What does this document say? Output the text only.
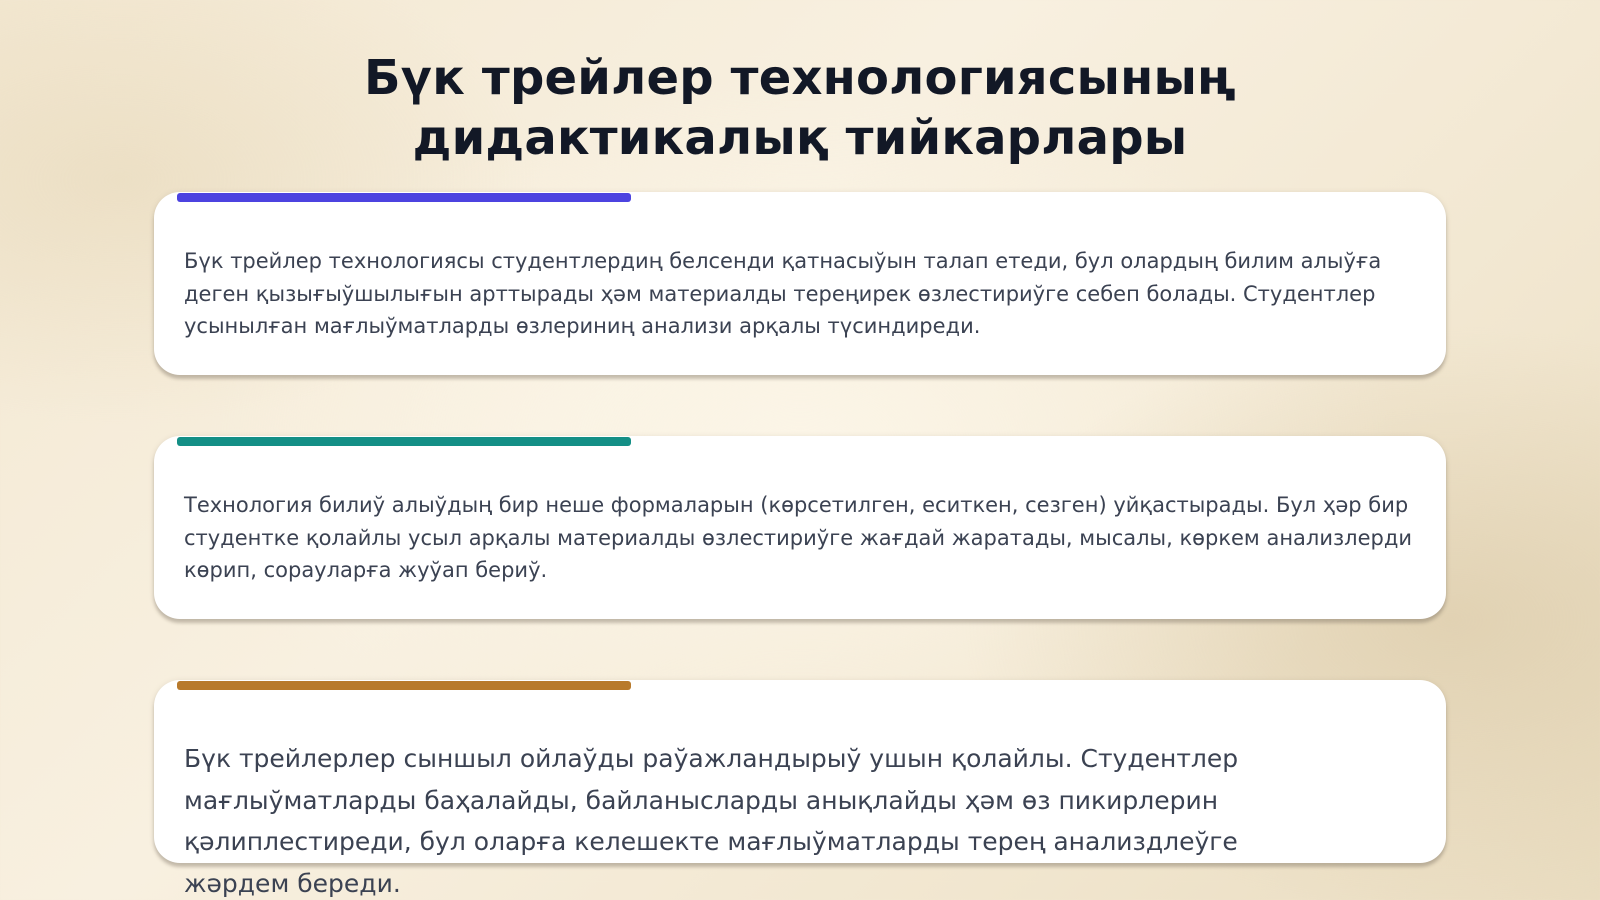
Бүк трейлер технологиясының дидактикалық тийкарлары

Бүк трейлер технологиясы студентлердиң белсенди қатнасыўын талап етеди, бул олардың билим алыўға деген қызығыўшылығын арттырады ҳәм материалды тереңирек өзлестириўге себеп болады. Студентлер усынылған мағлыўматларды өзлериниң анализи арқалы түсиндиреди.

Технология билиў алыўдың бир неше формаларын (көрсетилген, еситкен, сезген) уйқастырады. Бул ҳәр бир студентке қолайлы усыл арқалы материалды өзлестириўге жағдай жаратады, мысалы, көркем анализлерди көрип, сорауларға жуўап бериў.

Бүк трейлерлер сыншыл ойлаўды раўажландырыў ушын қолайлы. Студентлер мағлыўматларды баҳалайды, байланысларды анықлайды ҳәм өз пикирлерин қәлиплестиреди, бул оларға келешекте мағлыўматларды терең анализдлеўге жәрдем береди.
